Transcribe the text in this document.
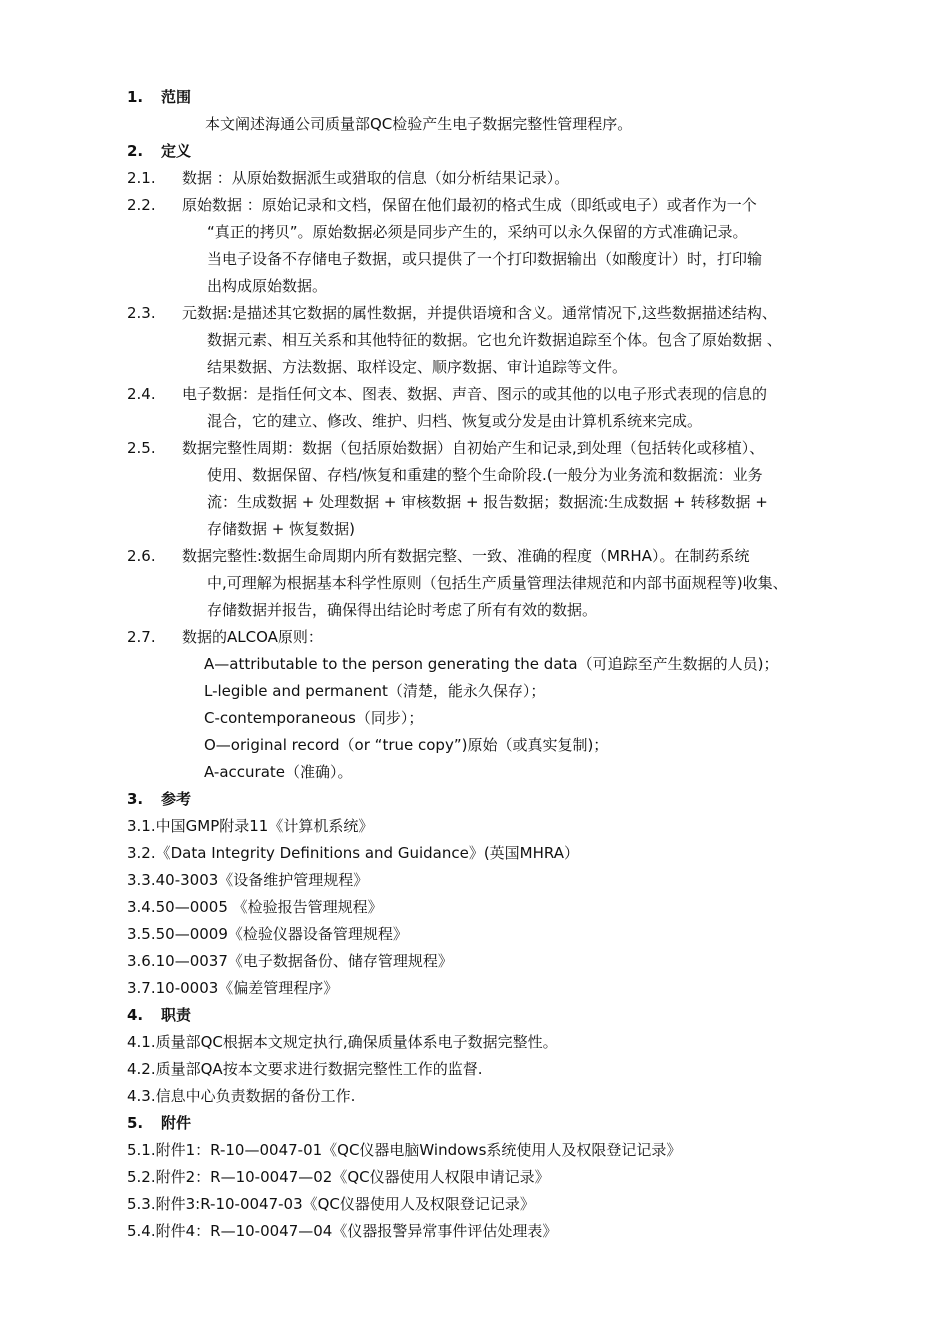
1. 范围
本文阐述海通公司质量部QC检验产生电子数据完整性管理程序。
2. 定义
2.1. 数据 ：从原始数据派生或猎取的信息（如分析结果记录）。
2.2. 原始数据 ：原始记录和文档，保留在他们最初的格式生成（即纸或电子）或者作为一个
“真正的拷贝”。原始数据必须是同步产生的，采纳可以永久保留的方式准确记录。
当电子设备不存储电子数据，或只提供了一个打印数据输出（如酸度计）时，打印输
出构成原始数据。
2.3. 元数据:是描述其它数据的属性数据，并提供语境和含义。通常情况下,这些数据描述结构、
数据元素、相互关系和其他特征的数据。它也允许数据追踪至个体。包含了原始数据 、
结果数据、方法数据、取样设定、顺序数据、审计追踪等文件。
2.4. 电子数据：是指任何文本、图表、数据、声音、图示的或其他的以电子形式表现的信息的
混合，它的建立、修改、维护、归档、恢复或分发是由计算机系统来完成。
2.5. 数据完整性周期：数据（包括原始数据）自初始产生和记录,到处理（包括转化或移植）、
使用、数据保留、存档/恢复和重建的整个生命阶段.(一般分为业务流和数据流：业务
流：生成数据 + 处理数据 + 审核数据 + 报告数据；数据流:生成数据 + 转移数据 +
存储数据 + 恢复数据)
2.6. 数据完整性:数据生命周期内所有数据完整、一致、准确的程度（MRHA）。在制药系统
中,可理解为根据基本科学性原则（包括生产质量管理法律规范和内部书面规程等)收集、
存储数据并报告，确保得出结论时考虑了所有有效的数据。
2.7. 数据的ALCOA原则：
A—attributable to the person generating the data（可追踪至产生数据的人员)；
L-legible and permanent（清楚，能永久保存）；
C-contemporaneous（同步）；
O—original record（or “true copy”)原始（或真实复制)；
A-accurate（准确）。
3. 参考
3.1.中国GMP附录11《计算机系统》
3.2.《Data Integrity Definitions and Guidance》(英国MHRA）
3.3.40-3003《设备维护管理规程》
3.4.50—0005 《检验报告管理规程》
3.5.50—0009《检验仪器设备管理规程》
3.6.10—0037《电子数据备份、储存管理规程》
3.7.10-0003《偏差管理程序》
4. 职责
4.1.质量部QC根据本文规定执行,确保质量体系电子数据完整性。
4.2.质量部QA按本文要求进行数据完整性工作的监督.
4.3.信息中心负责数据的备份工作.
5. 附件
5.1.附件1：R-10—0047-01《QC仪器电脑Windows系统使用人及权限登记记录》
5.2.附件2：R—10-0047—02《QC仪器使用人权限申请记录》
5.3.附件3:R-10-0047-03《QC仪器使用人及权限登记记录》
5.4.附件4：R—10-0047—04《仪器报警异常事件评估处理表》
